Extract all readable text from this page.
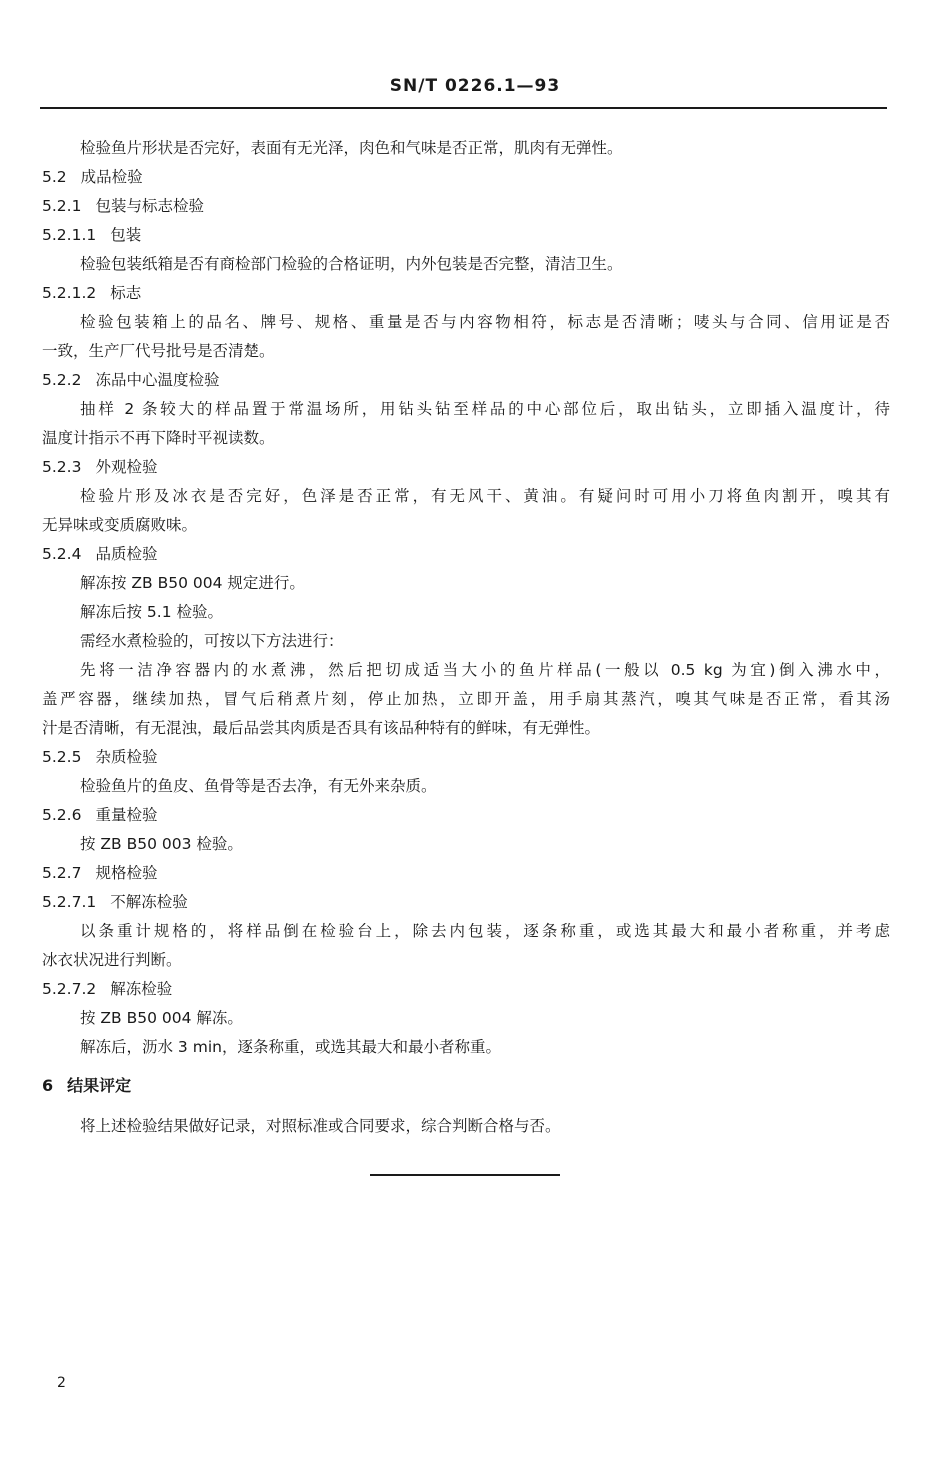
SN/T 0226.1—93
检验鱼片形状是否完好，表面有无光泽，肉色和气味是否正常，肌肉有无弹性。
5.2 成品检验
5.2.1 包装与标志检验
5.2.1.1 包装
检验包装纸箱是否有商检部门检验的合格证明，内外包装是否完整，清洁卫生。
5.2.1.2 标志
检验包装箱上的品名、牌号、规格、重量是否与内容物相符，标志是否清晰；唛头与合同、信用证是否
一致，生产厂代号批号是否清楚。
5.2.2 冻品中心温度检验
抽样 2 条较大的样品置于常温场所，用钻头钻至样品的中心部位后，取出钻头，立即插入温度计，待
温度计指示不再下降时平视读数。
5.2.3 外观检验
检验片形及冰衣是否完好，色泽是否正常，有无风干、黄油。有疑问时可用小刀将鱼肉割开，嗅其有
无异味或变质腐败味。
5.2.4 品质检验
解冻按 ZB B50 004 规定进行。
解冻后按 5.1 检验。
需经水煮检验的，可按以下方法进行：
先将一洁净容器内的水煮沸，然后把切成适当大小的鱼片样品(一般以 0.5 kg 为宜)倒入沸水中，
盖严容器，继续加热，冒气后稍煮片刻，停止加热，立即开盖，用手扇其蒸汽，嗅其气味是否正常，看其汤
汁是否清晰，有无混浊，最后品尝其肉质是否具有该品种特有的鲜味，有无弹性。
5.2.5 杂质检验
检验鱼片的鱼皮、鱼骨等是否去净，有无外来杂质。
5.2.6 重量检验
按 ZB B50 003 检验。
5.2.7 规格检验
5.2.7.1 不解冻检验
以条重计规格的，将样品倒在检验台上，除去内包装，逐条称重，或选其最大和最小者称重，并考虑
冰衣状况进行判断。
5.2.7.2 解冻检验
按 ZB B50 004 解冻。
解冻后，沥水 3 min，逐条称重，或选其最大和最小者称重。
6 结果评定
将上述检验结果做好记录，对照标准或合同要求，综合判断合格与否。
2
